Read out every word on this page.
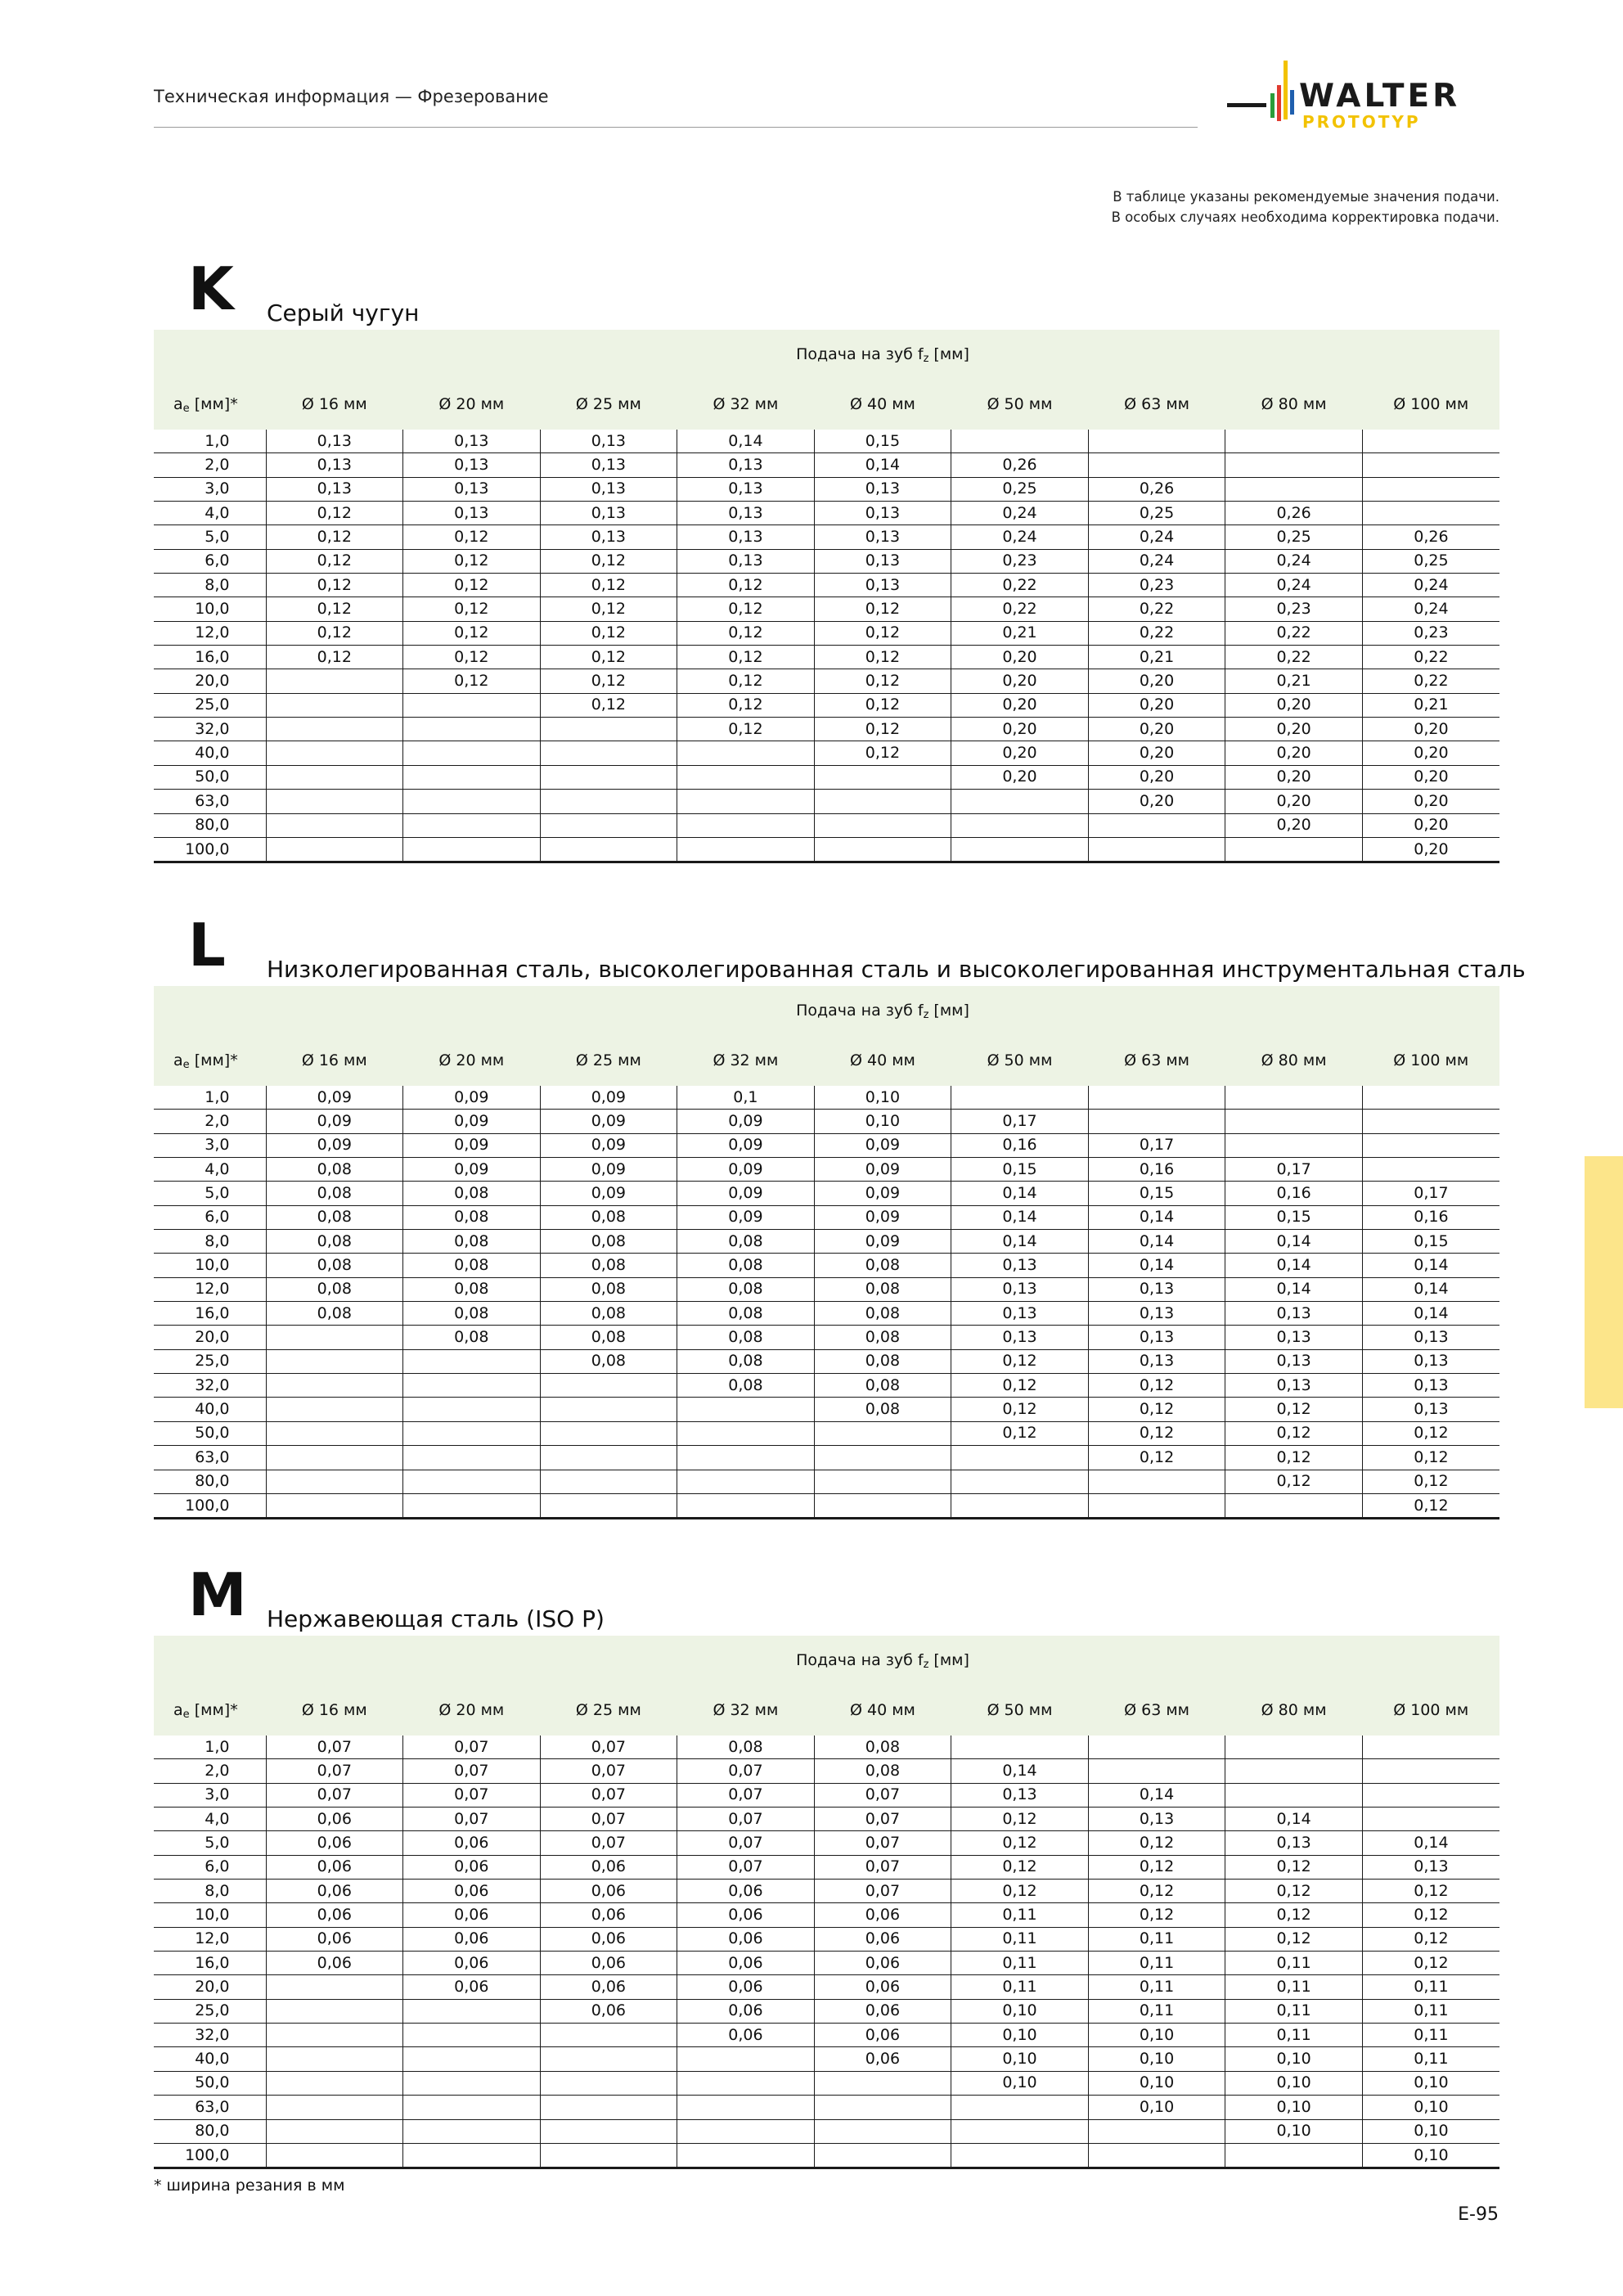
Техническая информация — Фрезерование	WALTER
PROTOTYP
В таблице указаны рекомендуемые значения подачи.
В особых случаях необходима корректировка подачи.
K Серый чугун
	Подача на зуб $f_z$ [мм]								
$a_e$ [мм]*	Ø 16 мм	Ø 20 мм	Ø 25 мм	Ø 32 мм	Ø 40 мм	Ø 50 мм	Ø 63 мм	Ø 80 мм	Ø 100 мм
1,0	0,13	0,13	0,13	0,14	0,15				
2,0	0,13	0,13	0,13	0,13	0,14	0,26			
3,0	0,13	0,13	0,13	0,13	0,13	0,25	0,26		
4,0	0,12	0,13	0,13	0,13	0,13	0,24	0,25	0,26	
5,0	0,12	0,12	0,13	0,13	0,13	0,24	0,24	0,25	0,26
6,0	0,12	0,12	0,12	0,13	0,13	0,23	0,24	0,24	0,25
8,0	0,12	0,12	0,12	0,12	0,13	0,22	0,23	0,24	0,24
10,0	0,12	0,12	0,12	0,12	0,12	0,22	0,22	0,23	0,24
12,0	0,12	0,12	0,12	0,12	0,12	0,21	0,22	0,22	0,23
16,0	0,12	0,12	0,12	0,12	0,12	0,20	0,21	0,22	0,22
20,0		0,12	0,12	0,12	0,12	0,20	0,20	0,21	0,22
25,0			0,12	0,12	0,12	0,20	0,20	0,20	0,21
32,0				0,12	0,12	0,20	0,20	0,20	0,20
40,0					0,12	0,20	0,20	0,20	0,20
50,0						0,20	0,20	0,20	0,20
63,0							0,20	0,20	0,20
80,0								0,20	0,20
100,0									0,20
L Низколегированная сталь, высоколегированная сталь и высоколегированная инструментальная сталь
	Подача на зуб $f_z$ [мм]								
$a_e$ [мм]*	Ø 16 мм	Ø 20 мм	Ø 25 мм	Ø 32 мм	Ø 40 мм	Ø 50 мм	Ø 63 мм	Ø 80 мм	Ø 100 мм
1,0	0,09	0,09	0,09	0,1	0,10				
2,0	0,09	0,09	0,09	0,09	0,10	0,17			
3,0	0,09	0,09	0,09	0,09	0,09	0,16	0,17		
4,0	0,08	0,09	0,09	0,09	0,09	0,15	0,16	0,17	
5,0	0,08	0,08	0,09	0,09	0,09	0,14	0,15	0,16	0,17
6,0	0,08	0,08	0,08	0,09	0,09	0,14	0,14	0,15	0,16
8,0	0,08	0,08	0,08	0,08	0,09	0,14	0,14	0,14	0,15
10,0	0,08	0,08	0,08	0,08	0,08	0,13	0,14	0,14	0,14
12,0	0,08	0,08	0,08	0,08	0,08	0,13	0,13	0,14	0,14
16,0	0,08	0,08	0,08	0,08	0,08	0,13	0,13	0,13	0,14
20,0		0,08	0,08	0,08	0,08	0,13	0,13	0,13	0,13
25,0			0,08	0,08	0,08	0,12	0,13	0,13	0,13
32,0				0,08	0,08	0,12	0,12	0,13	0,13
40,0					0,08	0,12	0,12	0,12	0,13
50,0						0,12	0,12	0,12	0,12
63,0							0,12	0,12	0,12
80,0								0,12	0,12
100,0									0,12
M Нержавеющая сталь (ISO P)
	Подача на зуб $f_z$ [мм]								
$a_e$ [мм]*	Ø 16 мм	Ø 20 мм	Ø 25 мм	Ø 32 мм	Ø 40 мм	Ø 50 мм	Ø 63 мм	Ø 80 мм	Ø 100 мм
1,0	0,07	0,07	0,07	0,08	0,08				
2,0	0,07	0,07	0,07	0,07	0,08	0,14			
3,0	0,07	0,07	0,07	0,07	0,07	0,13	0,14		
4,0	0,06	0,07	0,07	0,07	0,07	0,12	0,13	0,14	
5,0	0,06	0,06	0,07	0,07	0,07	0,12	0,12	0,13	0,14
6,0	0,06	0,06	0,06	0,07	0,07	0,12	0,12	0,12	0,13
8,0	0,06	0,06	0,06	0,06	0,07	0,12	0,12	0,12	0,12
10,0	0,06	0,06	0,06	0,06	0,06	0,11	0,12	0,12	0,12
12,0	0,06	0,06	0,06	0,06	0,06	0,11	0,11	0,12	0,12
16,0	0,06	0,06	0,06	0,06	0,06	0,11	0,11	0,11	0,12
20,0		0,06	0,06	0,06	0,06	0,11	0,11	0,11	0,11
25,0			0,06	0,06	0,06	0,10	0,11	0,11	0,11
32,0				0,06	0,06	0,10	0,10	0,11	0,11
40,0					0,06	0,10	0,10	0,10	0,11
50,0						0,10	0,10	0,10	0,10
63,0							0,10	0,10	0,10
80,0								0,10	0,10
100,0									0,10
* ширина резания в мм
E-95
